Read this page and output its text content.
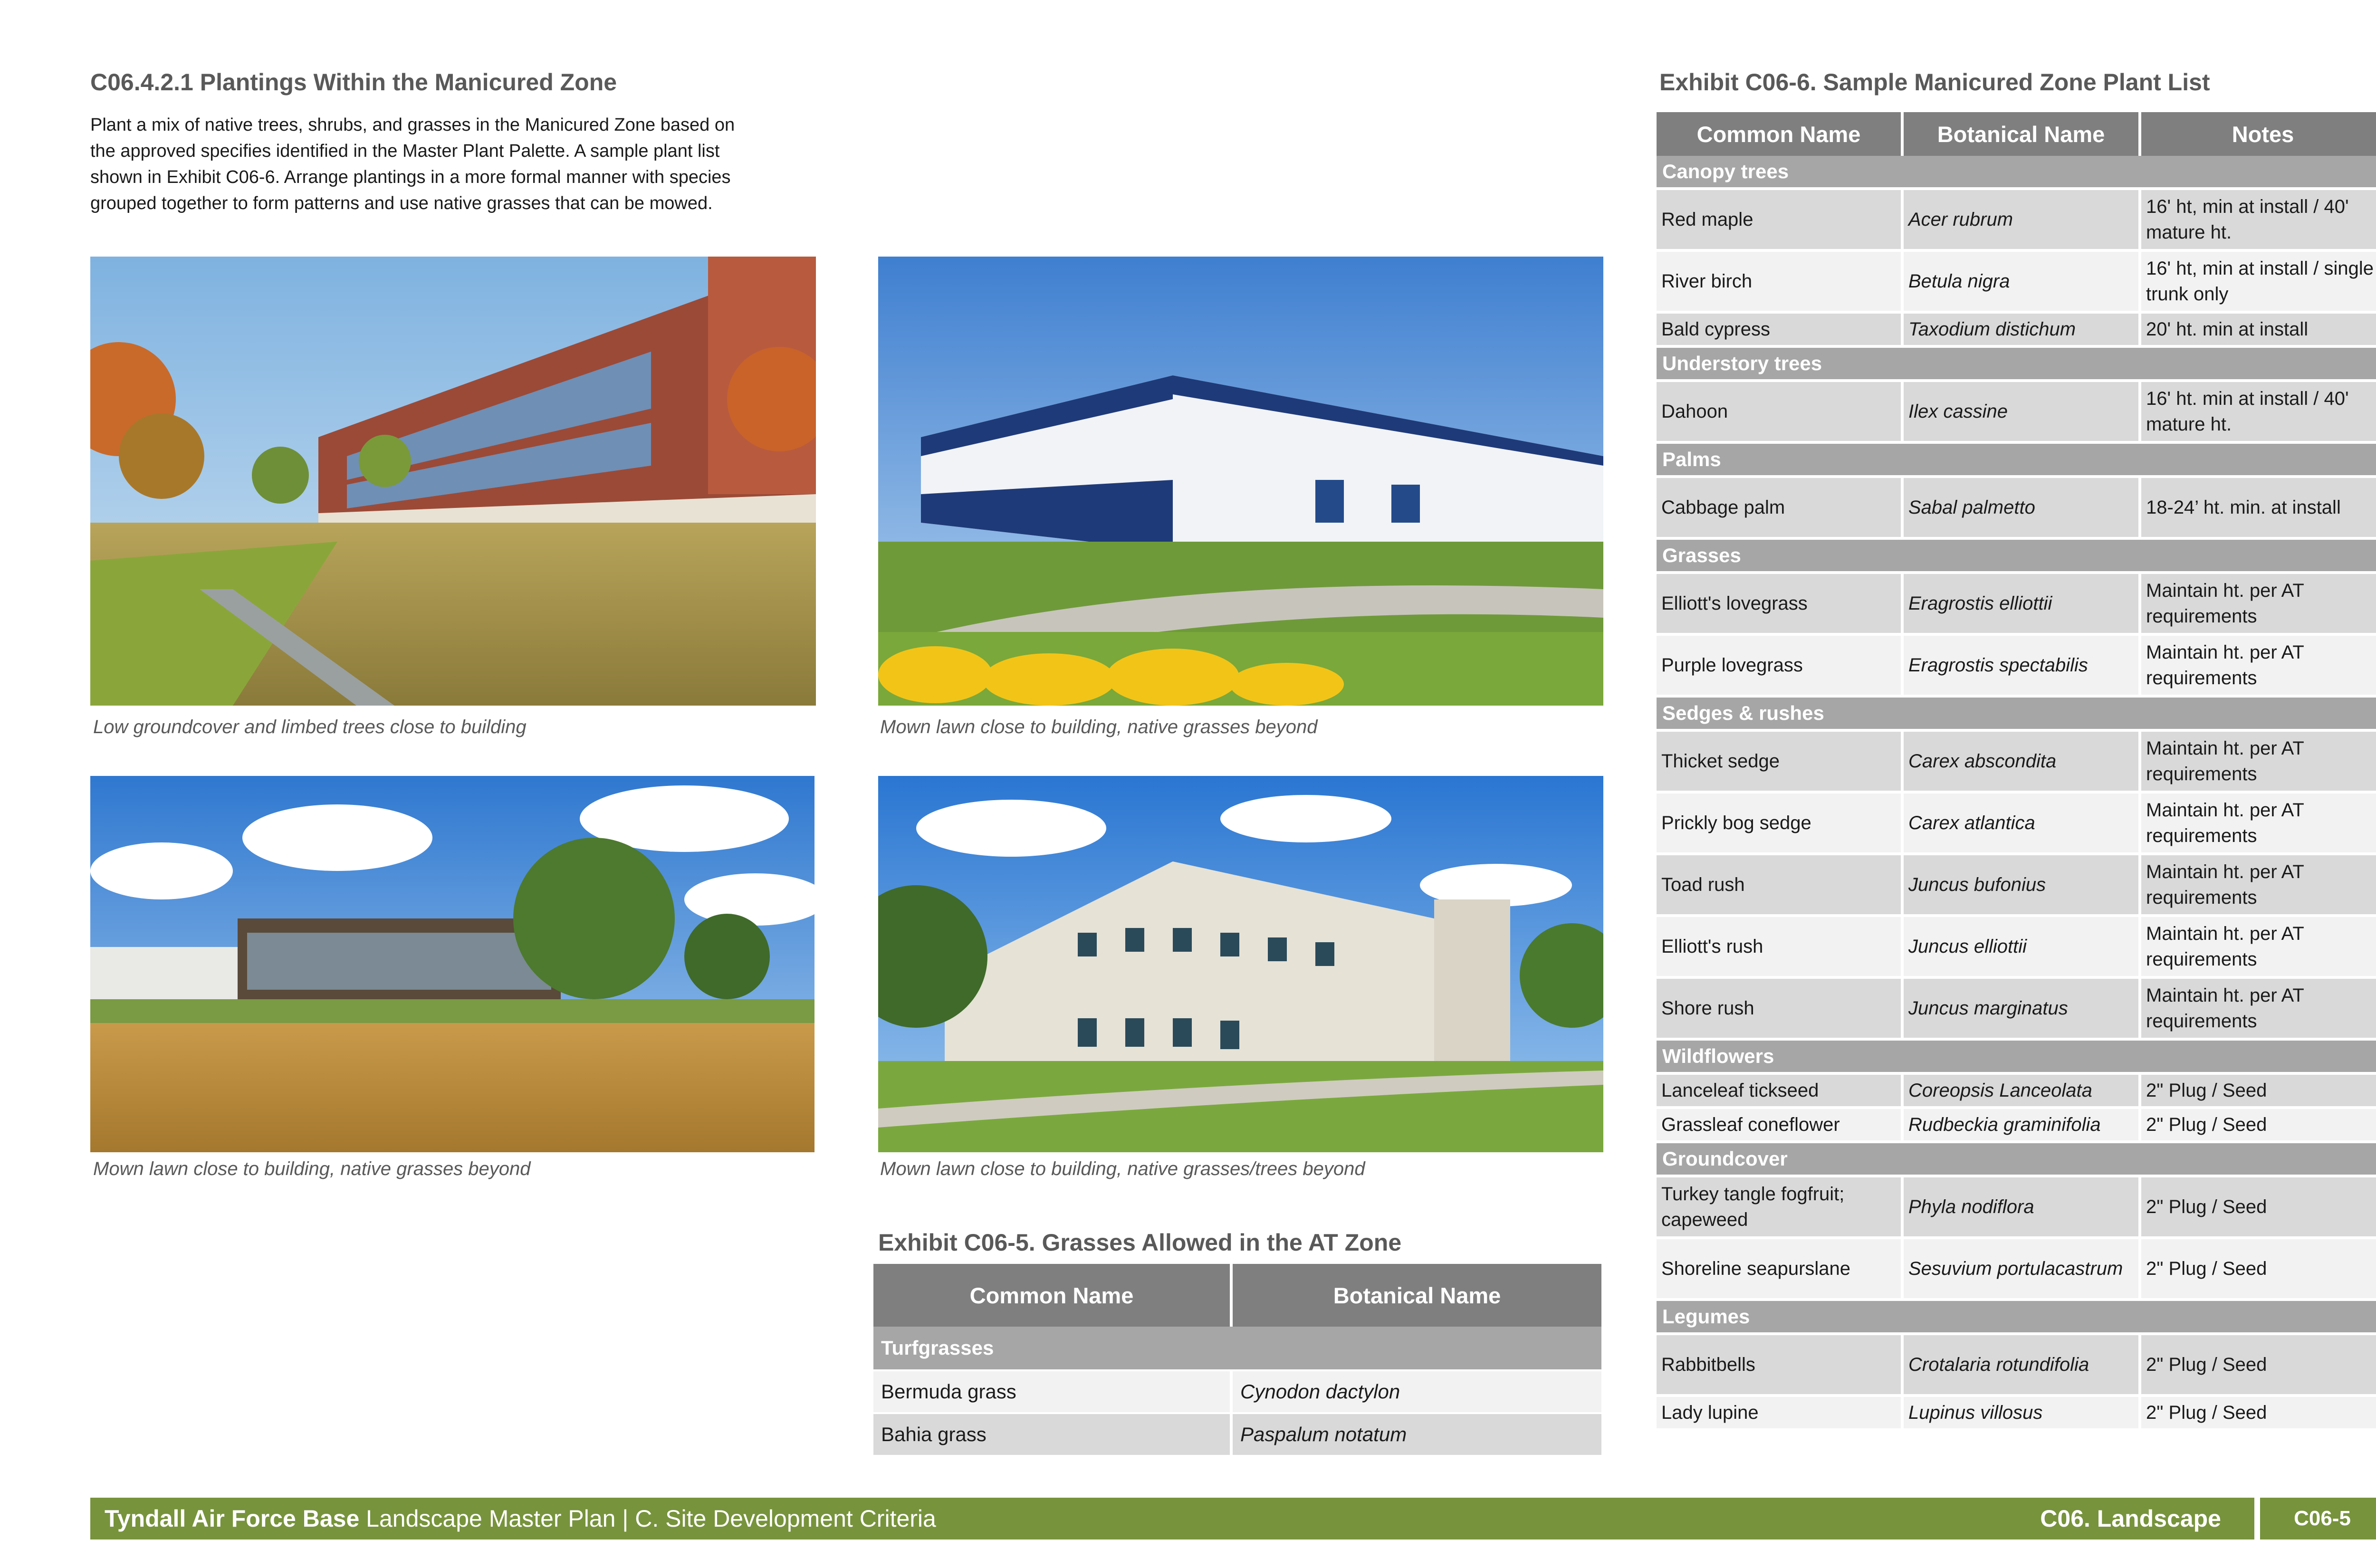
C06.4.2.1 Plantings Within the Manicured Zone
Plant a mix of native trees, shrubs, and grasses in the Manicured Zone based on
the approved specifies identified in the Master Plant Palette. A sample plant list
shown in Exhibit C06-6. Arrange plantings in a more formal manner with species
grouped together to form patterns and use native grasses that can be mowed.
Low groundcover and limbed trees close to building	Mown lawn close to building, native grasses beyond
Mown lawn close to building, native grasses beyond	Mown lawn close to building, native grasses/trees beyond
Exhibit C06-5. Grasses Allowed in the AT Zone
Common Name	Botanical Name
Turfgrasses	
Bermuda grass	Cynodon dactylon
Bahia grass	Paspalum notatum
Exhibit C06-6. Sample Manicured Zone Plant List
Common Name	Botanical Name	Notes
Canopy trees		
Red maple	Acer rubrum	16' ht, min at install / 40' mature ht.
River birch	Betula nigra	16' ht, min at install / single trunk only
Bald cypress	Taxodium distichum	20' ht. min at install
Understory trees		
Dahoon	Ilex cassine	16' ht. min at install / 40' mature ht.
Palms		
Cabbage palm	Sabal palmetto	18-24’ ht. min. at install
Grasses		
Elliott's lovegrass	Eragrostis elliottii	Maintain ht. per AT requirements
Purple lovegrass	Eragrostis spectabilis	Maintain ht. per AT requirements
Sedges & rushes		
Thicket sedge	Carex abscondita	Maintain ht. per AT requirements
Prickly bog sedge	Carex atlantica	Maintain ht. per AT requirements
Toad rush	Juncus bufonius	Maintain ht. per AT requirements
Elliott's rush	Juncus elliottii	Maintain ht. per AT requirements
Shore rush	Juncus marginatus	Maintain ht. per AT requirements
Wildflowers		
Lanceleaf tickseed	Coreopsis Lanceolata	2" Plug / Seed
Grassleaf coneflower	Rudbeckia graminifolia	2" Plug / Seed
Groundcover		
Turkey tangle fogfruit; capeweed	Phyla nodiflora	2" Plug / Seed
Shoreline seapurslane	Sesuvium portulacastrum	2" Plug / Seed
Legumes		
Rabbitbells	Crotalaria rotundifolia	2" Plug / Seed
Lady lupine	Lupinus villosus	2" Plug / Seed
Tyndall Air Force Base Landscape Master Plan | C. Site Development Criteria	C06. Landscape	C06-5
